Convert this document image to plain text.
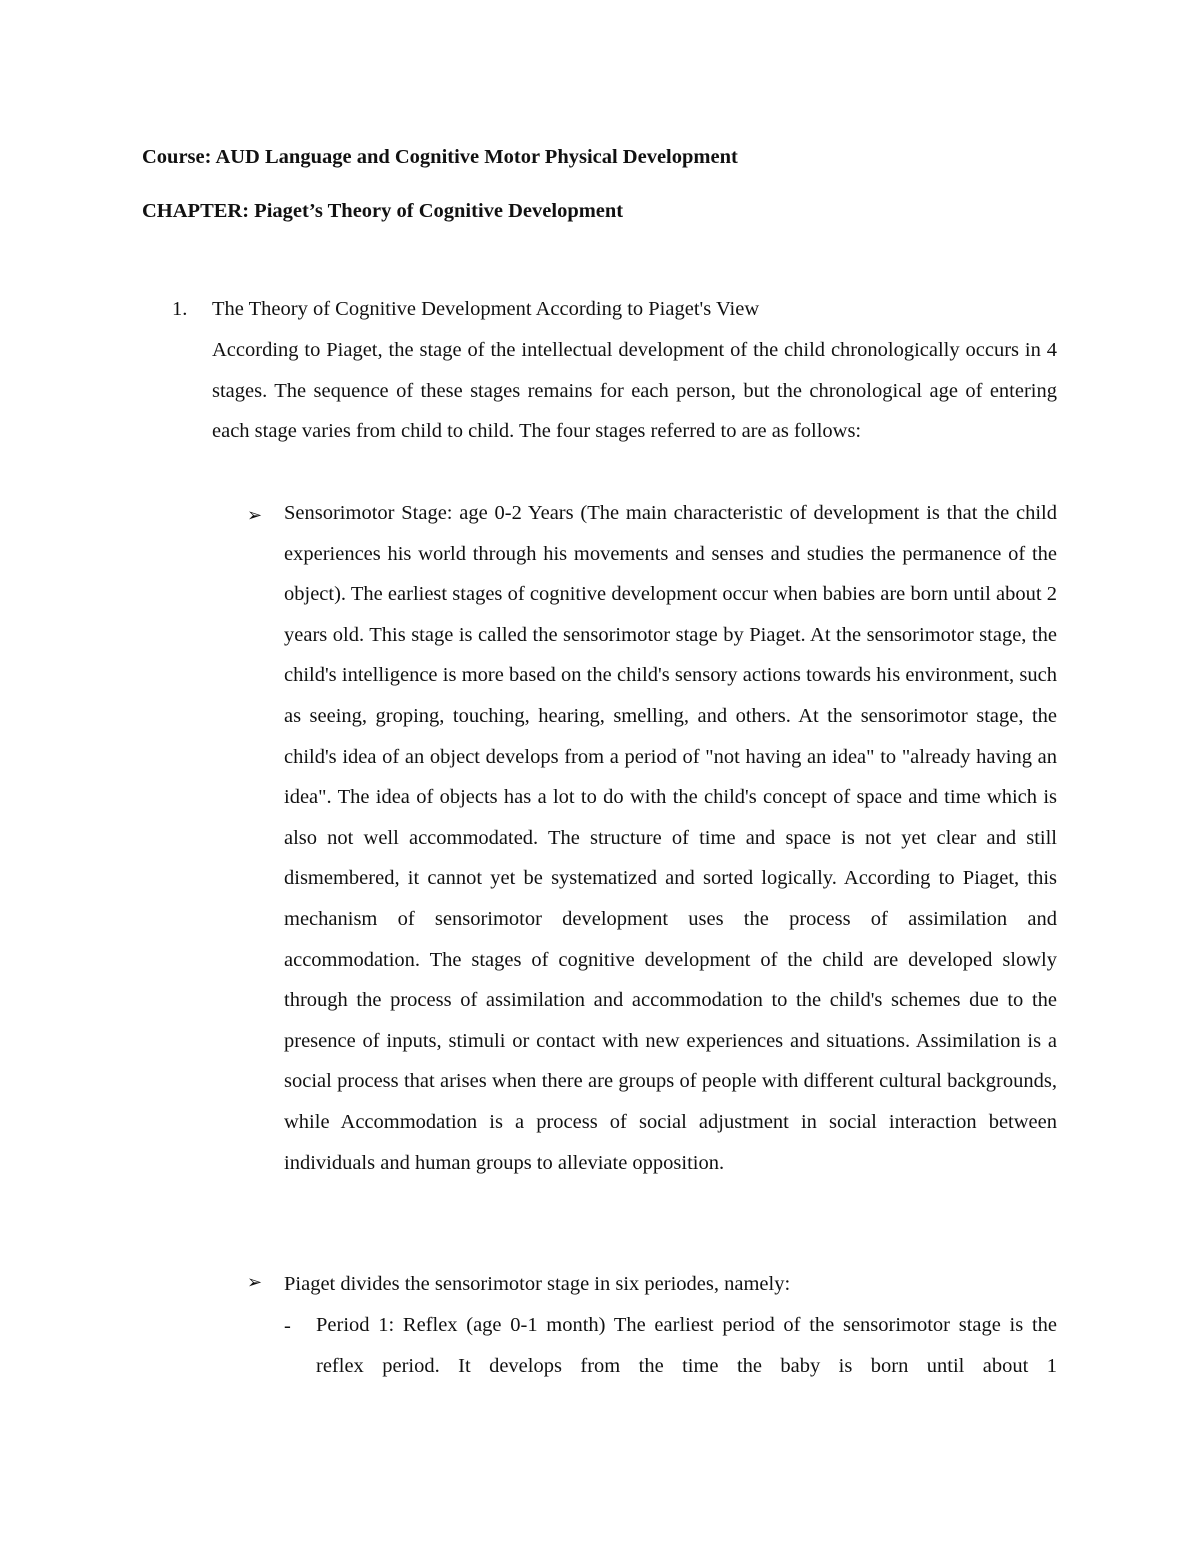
Course: AUD Language and Cognitive Motor Physical Development
CHAPTER: Piaget’s Theory of Cognitive Development
1. The Theory of Cognitive Development According to Piaget's View

According to Piaget, the stage of the intellectual development of the child chronologically occurs in 4 stages. The sequence of these stages remains for each person, but the chronological age of entering each stage varies from child to child. The four stages referred to are as follows:

➢ Sensorimotor Stage: age 0-2 Years (The main characteristic of development is that the child experiences his world through his movements and senses and studies the permanence of the object). The earliest stages of cognitive development occur when babies are born until about 2 years old. This stage is called the sensorimotor stage by Piaget. At the sensorimotor stage, the child's intelligence is more based on the child's sensory actions towards his environment, such as seeing, groping, touching, hearing, smelling, and others. At the sensorimotor stage, the child's idea of an object develops from a period of "not having an idea" to "already having an idea". The idea of objects has a lot to do with the child's concept of space and time which is also not well accommodated. The structure of time and space is not yet clear and still dismembered, it cannot yet be systematized and sorted logically. According to Piaget, this mechanism of sensorimotor development uses the process of assimilation and accommodation. The stages of cognitive development of the child are developed slowly through the process of assimilation and accommodation to the child's schemes due to the presence of inputs, stimuli or contact with new experiences and situations. Assimilation is a social process that arises when there are groups of people with different cultural backgrounds, while Accommodation is a process of social adjustment in social interaction between individuals and human groups to alleviate opposition.

➢ Piaget divides the sensorimotor stage in six periodes, namely:

- Period 1: Reflex (age 0-1 month) The earliest period of the sensorimotor stage is the reflex period. It develops from the time the baby is born until about 1
